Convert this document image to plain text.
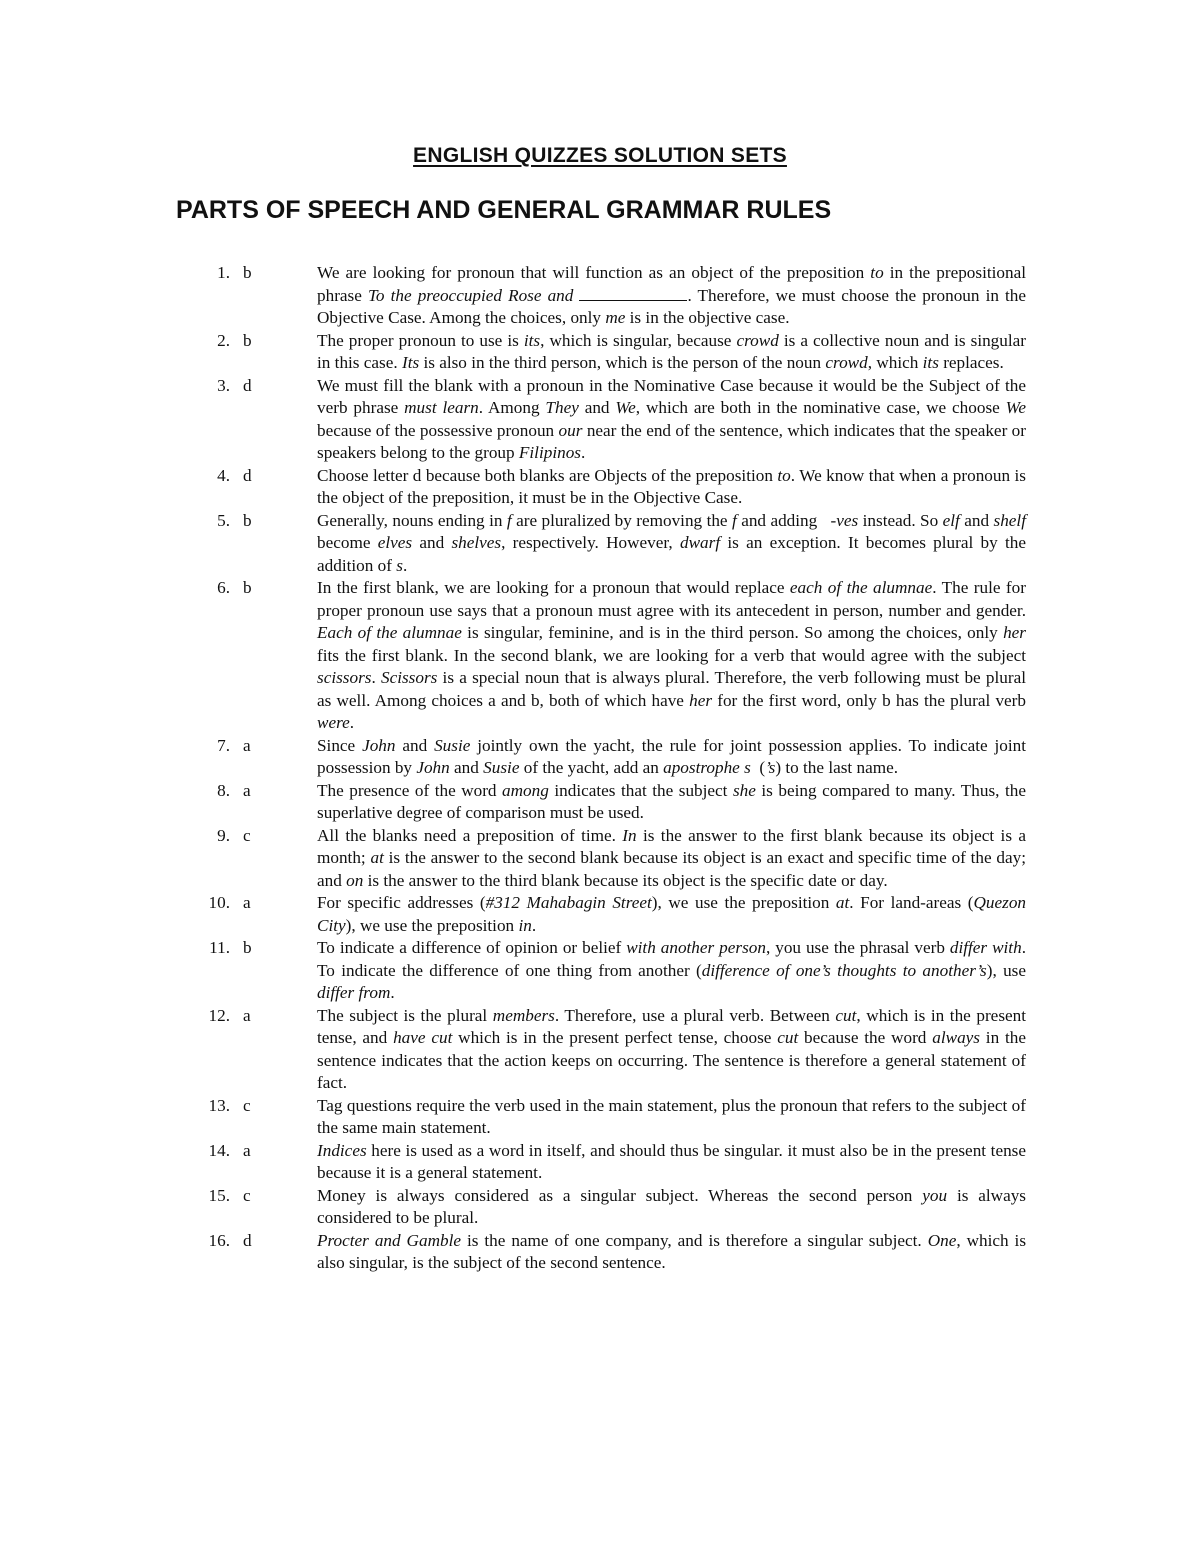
ENGLISH QUIZZES SOLUTION SETS
PARTS OF SPEECH AND GENERAL GRAMMAR RULES
1. b	We are looking for pronoun that will function as an object of the preposition to in the prepositional phrase To the preoccupied Rose and	. Therefore, we must choose the pronoun in the Objective Case. Among the choices, only me is in the objective case.
2. b	The proper pronoun to use is its, which is singular, because crowd is a collective noun and is singular in this case. Its is also in the third person, which is the person of the noun crowd, which its replaces.
3. d	We must fill the blank with a pronoun in the Nominative Case because it would be the Subject of the verb phrase must learn. Among They and We, which are both in the nominative case, we choose We because of the possessive pronoun our near the end of the sentence, which indicates that the speaker or speakers belong to the group Filipinos.
4. d	Choose letter d because both blanks are Objects of the preposition to. We know that when a pronoun is the object of the preposition, it must be in the Objective Case.
5. b	Generally, nouns ending in f are pluralized by removing the f and adding   -ves instead. So elf and shelf become elves and shelves, respectively. However, dwarf is an exception. It becomes plural by the addition of s.
6. b	In the first blank, we are looking for a pronoun that would replace each of the alumnae. The rule for proper pronoun use says that a pronoun must agree with its antecedent in person, number and gender. Each of the alumnae is singular, feminine, and is in the third person. So among the choices, only her fits the first blank. In the second blank, we are looking for a verb that would agree with the subject scissors. Scissors is a special noun that is always plural. Therefore, the verb following must be plural as well. Among choices a and b, both of which have her for the first word, only b has the plural verb were.
7. a	Since John and Susie jointly own the yacht, the rule for joint possession applies. To indicate joint possession by John and Susie of the yacht, add an apostrophe s  (’s) to the last name.
8. a	The presence of the word among indicates that the subject she is being compared to many. Thus, the superlative degree of comparison must be used.
9. c	All the blanks need a preposition of time. In is the answer to the first blank because its object is a month; at is the answer to the second blank because its object is an exact and specific time of the day; and on is the answer to the third blank because its object is the specific date or day.
10. a	For specific addresses (#312 Mahabagin Street), we use the preposition at. For land-areas (Quezon City), we use the preposition in.
11. b	To indicate a difference of opinion or belief with another person, you use the phrasal verb differ with. To indicate the difference of one thing from another (difference of one’s thoughts to another’s), use differ from.
12. a	The subject is the plural members. Therefore, use a plural verb. Between cut, which is in the present tense, and have cut which is in the present perfect tense, choose cut because the word always in the sentence indicates that the action keeps on occurring. The sentence is therefore a general statement of fact.
13. c	Tag questions require the verb used in the main statement, plus the pronoun that refers to the subject of the same main statement.
14. a	Indices here is used as a word in itself, and should thus be singular. it must also be in the present tense because it is a general statement.
15. c	Money is always considered as a singular subject. Whereas the second person you is always considered to be plural.
16. d	Procter and Gamble is the name of one company, and is therefore a singular subject. One, which is also singular, is the subject of the second sentence.
